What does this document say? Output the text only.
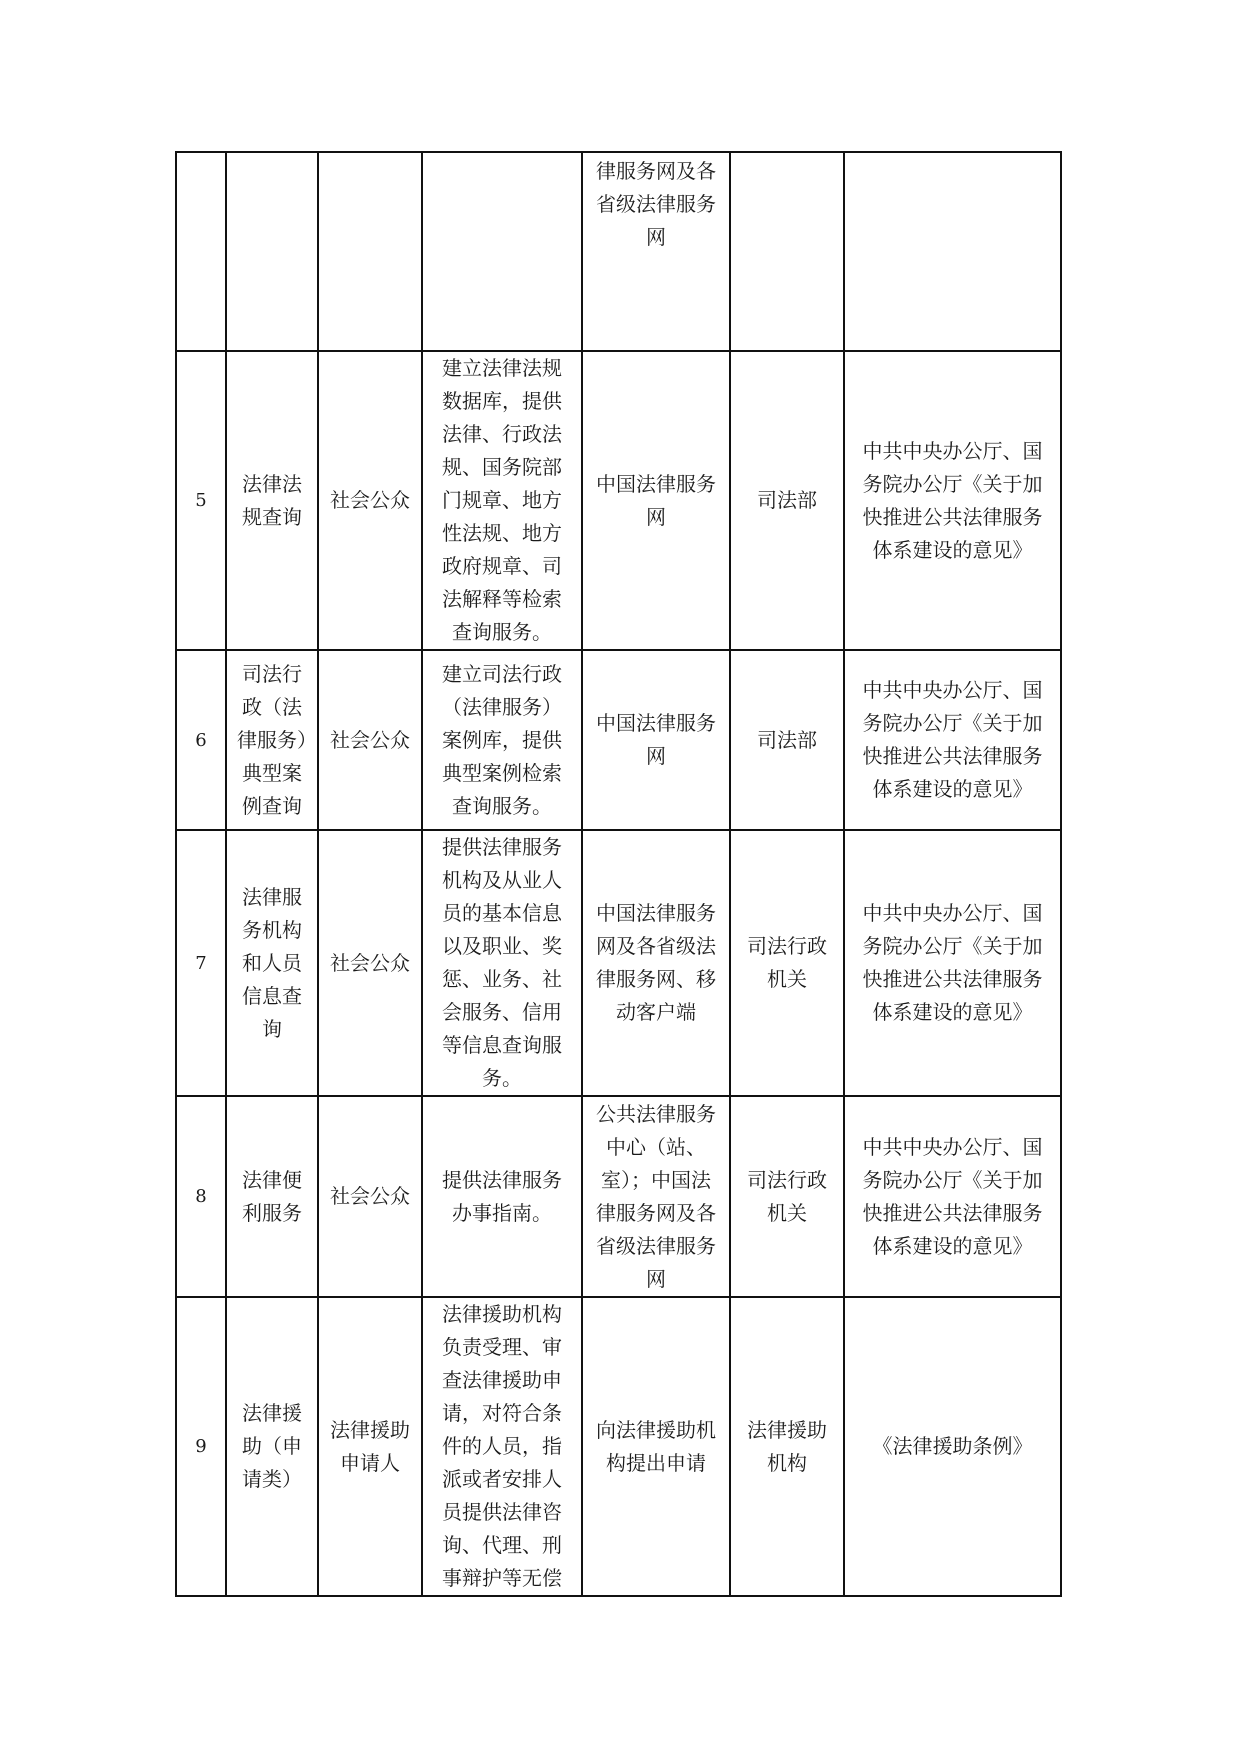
				律服务网及各省级法律服务网		
5	法律法规查询	社会公众	建立法律法规数据库，提供法律、行政法规、国务院部门规章、地方性法规、地方政府规章、司法解释等检索查询服务。	中国法律服务网	司法部	中共中央办公厅、国务院办公厅《关于加快推进公共法律服务体系建设的意见》
6	司法行政（法律服务）典型案例查询	社会公众	建立司法行政（法律服务）案例库，提供典型案例检索查询服务。	中国法律服务网	司法部	中共中央办公厅、国务院办公厅《关于加快推进公共法律服务体系建设的意见》
7	法律服务机构和人员信息查询	社会公众	提供法律服务机构及从业人员的基本信息以及职业、奖惩、业务、社会服务、信用等信息查询服务。	中国法律服务网及各省级法律服务网、移动客户端	司法行政机关	中共中央办公厅、国务院办公厅《关于加快推进公共法律服务体系建设的意见》
8	法律便利服务	社会公众	提供法律服务办事指南。	公共法律服务中心（站、室）；中国法律服务网及各省级法律服务网	司法行政机关	中共中央办公厅、国务院办公厅《关于加快推进公共法律服务体系建设的意见》
9	法律援助（申请类）	法律援助申请人	法律援助机构负责受理、审查法律援助申请，对符合条件的人员，指派或者安排人员提供法律咨询、代理、刑事辩护等无偿	向法律援助机构提出申请	法律援助机构	《法律援助条例》
